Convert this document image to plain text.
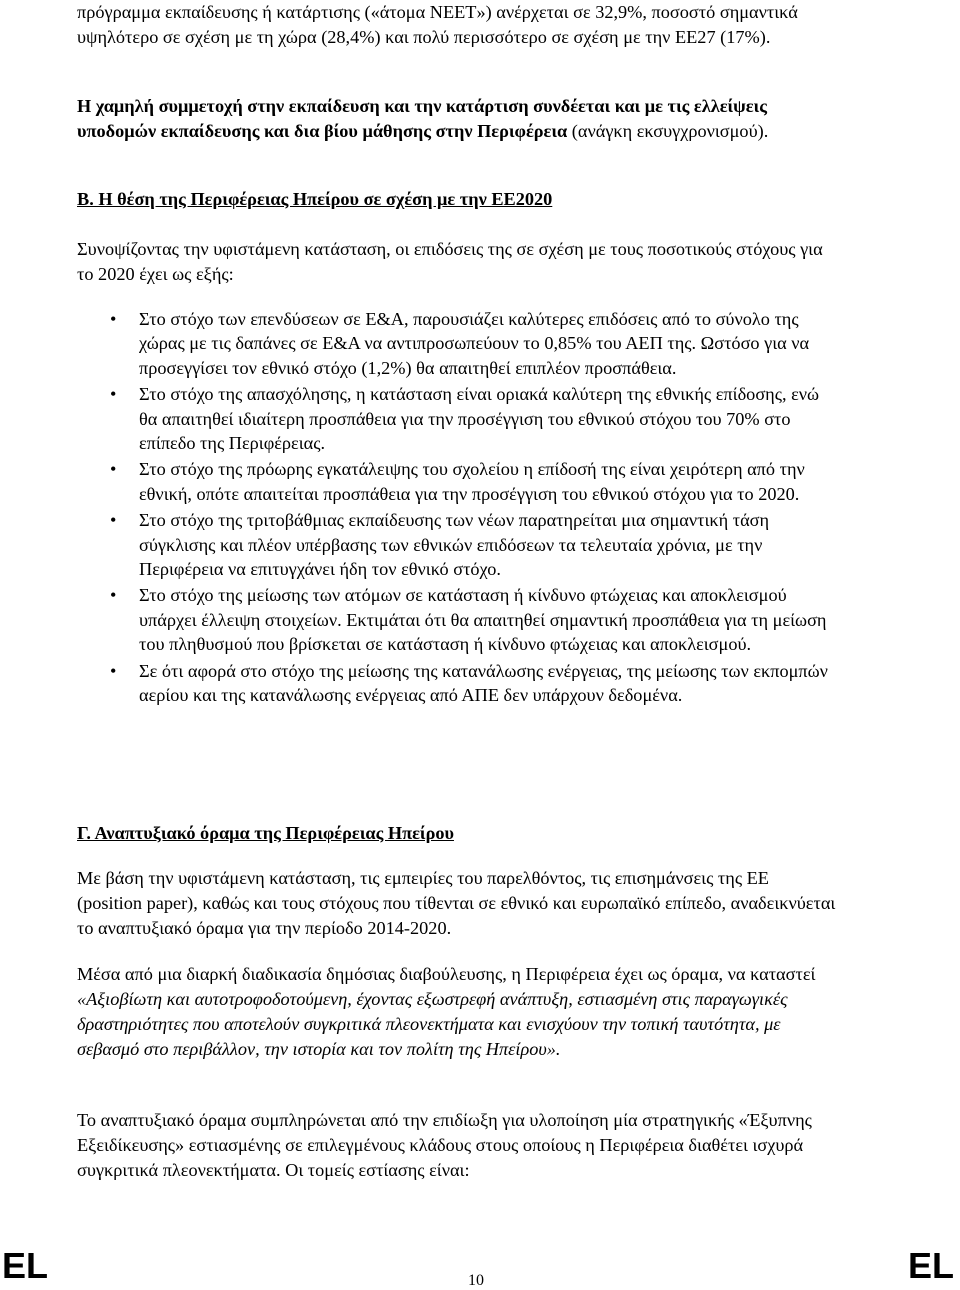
πρόγραμμα εκπαίδευσης ή κατάρτισης («άτομα NEET») ανέρχεται σε 32,9%, ποσοστό σημαντικά υψηλότερο σε σχέση με τη χώρα (28,4%) και πολύ περισσότερο σε σχέση με την ΕΕ27 (17%).

Η χαμηλή συμμετοχή στην εκπαίδευση και την κατάρτιση συνδέεται και με τις ελλείψεις υποδομών εκπαίδευσης και δια βίου μάθησης στην Περιφέρεια (ανάγκη εκσυγχρονισμού).

Β. Η θέση της Περιφέρειας Ηπείρου σε σχέση με την ΕΕ2020

Συνοψίζοντας την υφιστάμενη κατάσταση, οι επιδόσεις της σε σχέση με τους ποσοτικούς στόχους για το 2020 έχει ως εξής:

• Στο στόχο των επενδύσεων σε Ε&Α, παρουσιάζει καλύτερες επιδόσεις από το σύνολο της χώρας με τις δαπάνες σε Ε&Α να αντιπροσωπεύουν το 0,85% του ΑΕΠ της. Ωστόσο για να προσεγγίσει τον εθνικό στόχο (1,2%) θα απαιτηθεί επιπλέον προσπάθεια.
• Στο στόχο της απασχόλησης, η κατάσταση είναι οριακά καλύτερη της εθνικής επίδοσης, ενώ θα απαιτηθεί ιδιαίτερη προσπάθεια για την προσέγγιση του εθνικού στόχου του 70% στο επίπεδο της Περιφέρειας.
• Στο στόχο της πρόωρης εγκατάλειψης του σχολείου η επίδοσή της είναι χειρότερη από την εθνική, οπότε απαιτείται προσπάθεια για την προσέγγιση του εθνικού στόχου για το 2020.
• Στο στόχο της τριτοβάθμιας εκπαίδευσης των νέων παρατηρείται μια σημαντική τάση σύγκλισης και πλέον υπέρβασης των εθνικών επιδόσεων τα τελευταία χρόνια, με την Περιφέρεια να επιτυγχάνει ήδη τον εθνικό στόχο.
• Στο στόχο της μείωσης των ατόμων σε κατάσταση ή κίνδυνο φτώχειας και αποκλεισμού υπάρχει έλλειψη στοιχείων. Εκτιμάται ότι θα απαιτηθεί σημαντική προσπάθεια για τη μείωση του πληθυσμού που βρίσκεται σε κατάσταση ή κίνδυνο φτώχειας και αποκλεισμού.
• Σε ότι αφορά στο στόχο της μείωσης της κατανάλωσης ενέργειας, της μείωσης των εκπομπών αερίου και της κατανάλωσης ενέργειας από ΑΠΕ δεν υπάρχουν δεδομένα.

Γ. Αναπτυξιακό όραμα της Περιφέρειας Ηπείρου

Με βάση την υφιστάμενη κατάσταση, τις εμπειρίες του παρελθόντος, τις επισημάνσεις της ΕΕ (position paper), καθώς και τους στόχους που τίθενται σε εθνικό και ευρωπαϊκό επίπεδο, αναδεικνύεται το αναπτυξιακό όραμα για την περίοδο 2014-2020.

Μέσα από μια διαρκή διαδικασία δημόσιας διαβούλευσης, η Περιφέρεια έχει ως όραμα, να καταστεί «Αξιοβίωτη και αυτοτροφοδοτούμενη, έχοντας εξωστρεφή ανάπτυξη, εστιασμένη στις παραγωγικές δραστηριότητες που αποτελούν συγκριτικά πλεονεκτήματα και ενισχύουν την τοπική ταυτότητα, με σεβασμό στο περιβάλλον, την ιστορία και τον πολίτη της Ηπείρου».

Το αναπτυξιακό όραμα συμπληρώνεται από την επιδίωξη για υλοποίηση μία στρατηγικής «Έξυπνης Εξειδίκευσης» εστιασμένης σε επιλεγμένους κλάδους στους οποίους η Περιφέρεια διαθέτει ισχυρά συγκριτικά πλεονεκτήματα. Οι τομείς εστίασης είναι:

EL	10	EL
